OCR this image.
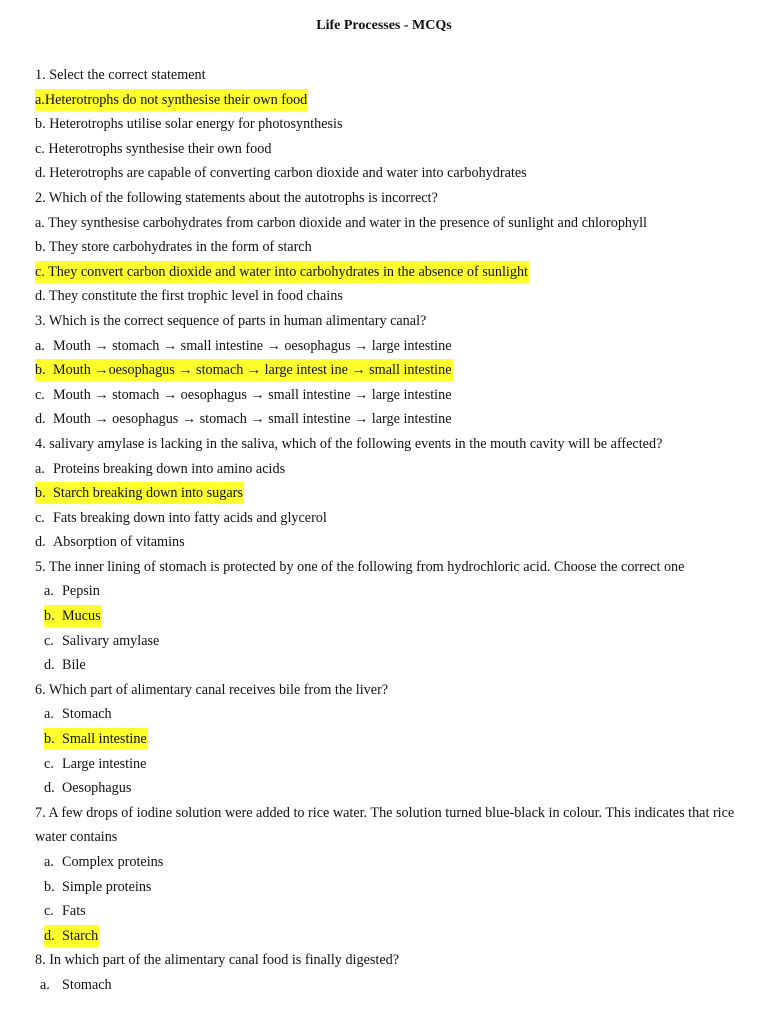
Life Processes - MCQs
1. Select the correct statement
a.Heterotrophs do not synthesise their own food
b. Heterotrophs utilise solar energy for photosynthesis
c. Heterotrophs synthesise their own food
d. Heterotrophs are capable of converting carbon dioxide and water into carbohydrates
2. Which of the following statements about the autotrophs is incorrect?
a. They synthesise carbohydrates from carbon dioxide and water in the presence of sunlight and chlorophyll
b. They store carbohydrates in the form of starch
c. They convert carbon dioxide and water into carbohydrates in the absence of sunlight
d. They constitute the first trophic level in food chains
3. Which is the correct sequence of parts in human alimentary canal?
a. Mouth → stomach → small intestine → oesophagus → large intestine
b. Mouth →oesophagus → stomach → large intest ine → small intestine
c. Mouth → stomach → oesophagus → small intestine → large intestine
d. Mouth → oesophagus → stomach → small intestine → large intestine
4. salivary amylase is lacking in the saliva, which of the following events in the mouth cavity will be affected?
a. Proteins breaking down into amino acids
b. Starch breaking down into sugars
c. Fats breaking down into fatty acids and glycerol
d. Absorption of vitamins
5. The inner lining of stomach is protected by one of the following from hydrochloric acid. Choose the correct one
a. Pepsin
b. Mucus
c. Salivary amylase
d. Bile
6. Which part of alimentary canal receives bile from the liver?
a. Stomach
b. Small intestine
c. Large intestine
d. Oesophagus
7. A few drops of iodine solution were added to rice water. The solution turned blue-black in colour. This indicates that rice
water contains
a. Complex proteins
b. Simple proteins
c. Fats
d. Starch
8. In which part of the alimentary canal food is finally digested?
a. Stomach
